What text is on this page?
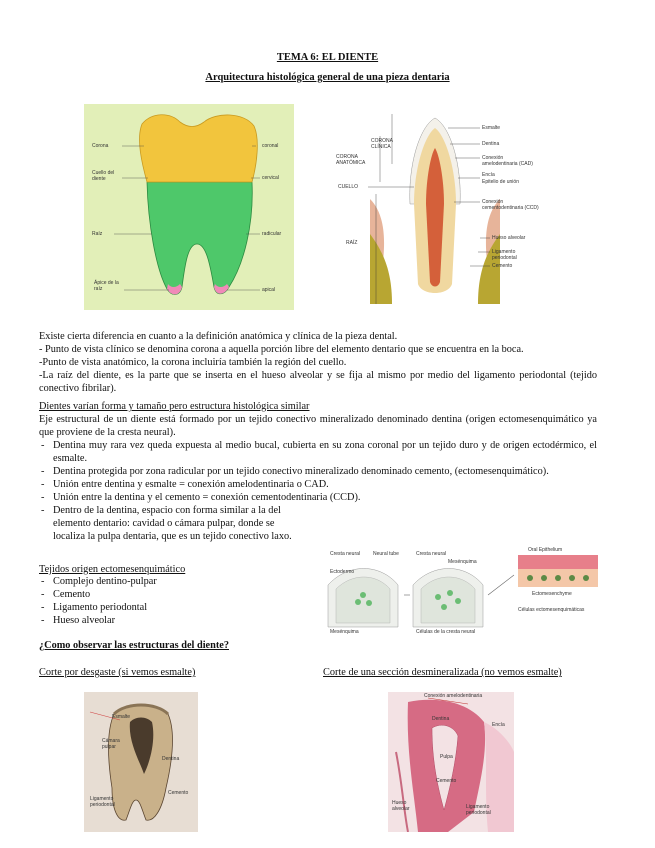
TEMA 6: EL DIENTE
Arquitectura histológica general de una pieza dentaria
Corona
Cuello del diente
Raíz
Ápice de la raíz
coronal
cervical
radicular
apical
CORONA CLÍNICA
CORONA ANATÓMICA
CUELLO
RAÍZ
Esmalte
Dentina
Conexión amelodentinaria (CAD)
Encía
Epitelio de unión
Conexión cementodentinaria (CCD)
Hueso alveolar
Ligamento periodontal
Cemento
Existe cierta diferencia en cuanto a la definición anatómica y clínica de la pieza dental.
- Punto de vista clínico se denomina corona a aquella porción libre del elemento dentario que se encuentra en la boca.
-Punto de vista anatómico, la corona incluiría también la región del cuello.
-La raíz del diente, es la parte que se inserta en el hueso alveolar y se fija al mismo por medio del ligamento periodontal (tejido conectivo fibrilar).
Dientes varían forma y tamaño pero estructura histológica similar
Eje estructural de un diente está formado por un tejido conectivo mineralizado denominado dentina (origen ectomesenquimático ya que proviene de la cresta neural).
- Dentina muy rara vez queda expuesta al medio bucal, cubierta en su zona coronal por un tejido duro y de origen ectodérmico, el esmalte.
- Dentina protegida por zona radicular por un tejido conectivo mineralizado denominado cemento, (ectomesenquimático).
- Unión entre dentina y esmalte = conexión amelodentinaria o CAD.
- Unión entre la dentina y el cemento = conexión cementodentinaria (CCD).
- Dentro de la dentina, espacio con forma similar a la del elemento dentario: cavidad o cámara pulpar, donde se localiza la pulpa dentaria, que es un tejido conectivo laxo.
Tejidos origen ectomesenquimático
- Complejo dentino-pulpar
- Cemento
- Ligamento periodontal
- Hueso alveolar
Cresta neural
Ectodermo
Cresta neural
Mesénquima
Neural tube
Oral Epithelium
Ectomesenchyme
Células de la cresta neural
Células ectomesenquimáticas
Mesénquima
¿Como observar las estructuras del diente?
Corte por desgaste (si vemos esmalte)	Corte de una sección desmineralizada (no vemos esmalte)
Esmalte
Cámara pulpar
Dentina
Ligamento periodontal
Cemento
Conexión amelodentinaria
Dentina
Encía
Pulpa
Cemento
Hueso alveolar	Ligamento periodontal
